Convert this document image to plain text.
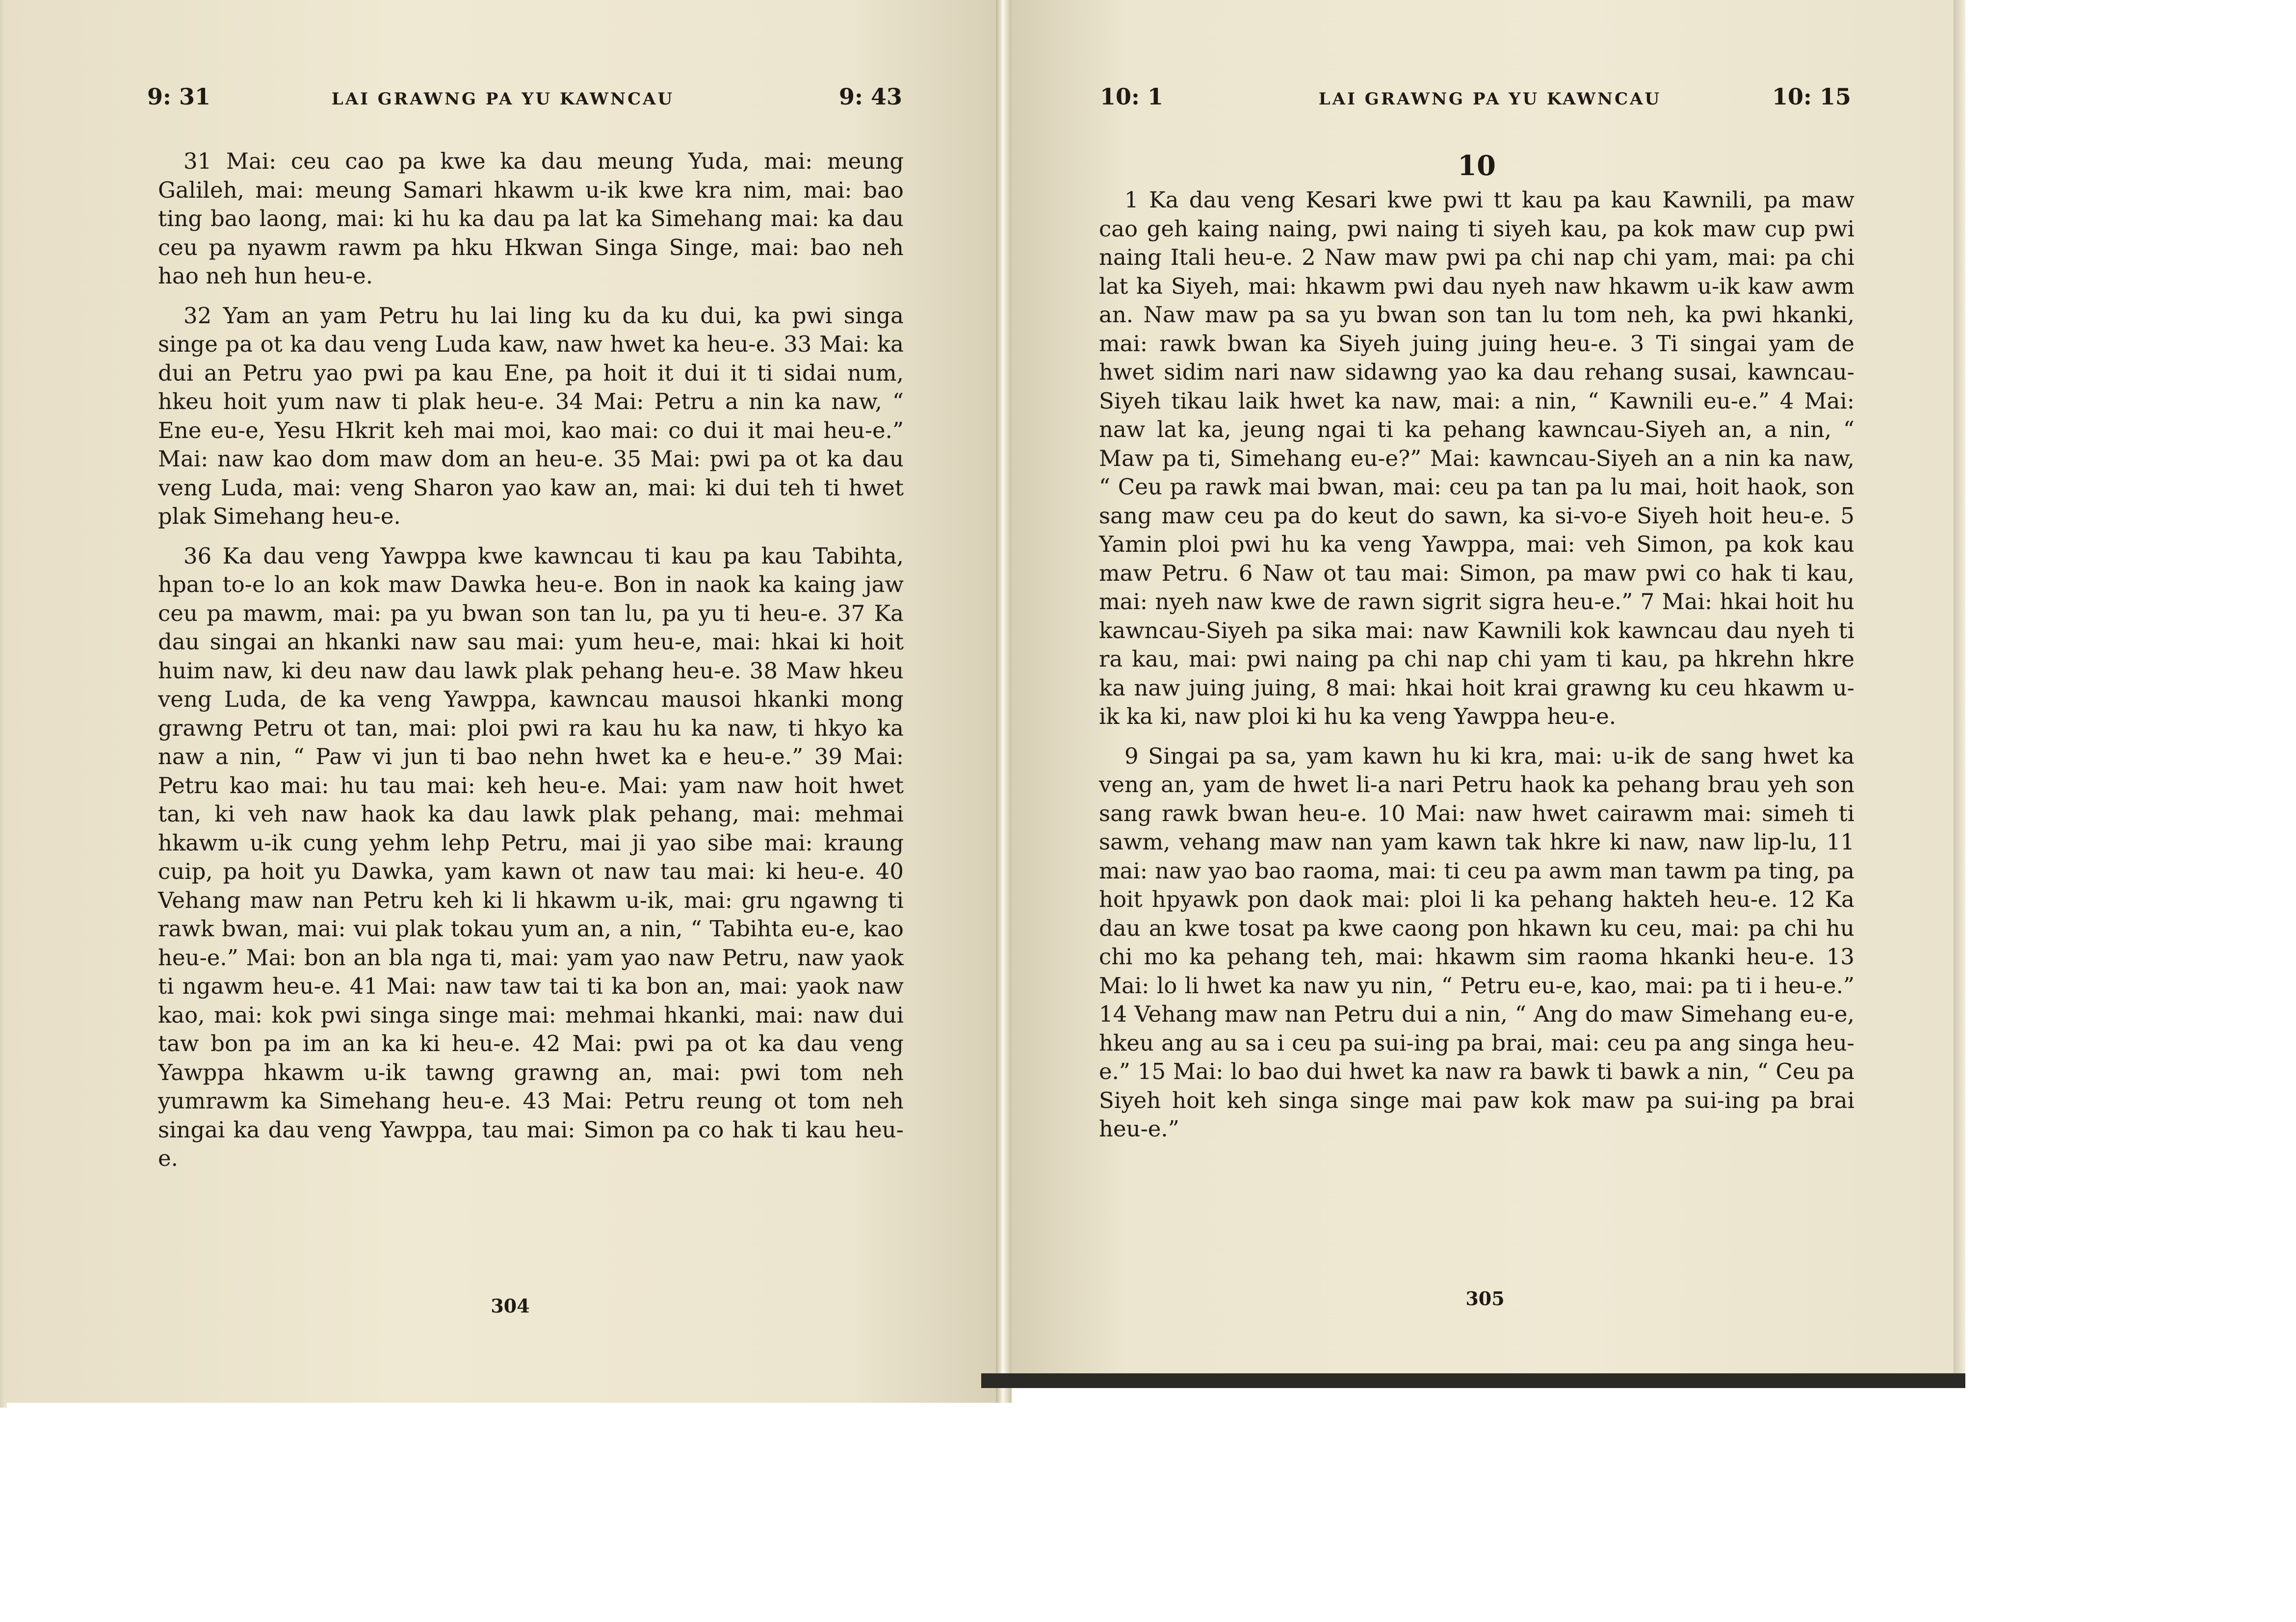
9: 31	LAI GRAWNG PA YU KAWNCAU	9: 43

31 Mai: ceu cao pa kwe ka dau meung Yuda, mai: meung Galileh, mai: meung Samari hkawm u-ik kwe kra nim, mai: bao ting bao laong, mai: ki hu ka dau pa lat ka Simehang mai: ka dau ceu pa nyawm rawm pa hku Hkwan Singa Singe, mai: bao neh hao neh hun heu-e.

32 Yam an yam Petru hu lai ling ku da ku dui, ka pwi singa singe pa ot ka dau veng Luda kaw, naw hwet ka heu-e. 33 Mai: ka dui an Petru yao pwi pa kau Ene, pa hoit it dui it ti sidai num, hkeu hoit yum naw ti plak heu-e. 34 Mai: Petru a nin ka naw, “ Ene eu-e, Yesu Hkrit keh mai moi, kao mai: co dui it mai heu-e.” Mai: naw kao dom maw dom an heu-e. 35 Mai: pwi pa ot ka dau veng Luda, mai: veng Sharon yao kaw an, mai: ki dui teh ti hwet plak Simehang heu-e.

36 Ka dau veng Yawppa kwe kawncau ti kau pa kau Tabihta, hpan to-e lo an kok maw Dawka heu-e. Bon in naok ka kaing jaw ceu pa mawm, mai: pa yu bwan son tan lu, pa yu ti heu-e. 37 Ka dau singai an hkanki naw sau mai: yum heu-e, mai: hkai ki hoit huim naw, ki deu naw dau lawk plak pehang heu-e. 38 Maw hkeu veng Luda, de ka veng Yawppa, kawncau mausoi hkanki mong grawng Petru ot tan, mai: ploi pwi ra kau hu ka naw, ti hkyo ka naw a nin, “ Paw vi jun ti bao nehn hwet ka e heu-e.” 39 Mai: Petru kao mai: hu tau mai: keh heu-e. Mai: yam naw hoit hwet tan, ki veh naw haok ka dau lawk plak pehang, mai: mehmai hkawm u-ik cung yehm lehp Petru, mai ji yao sibe mai: kraung cuip, pa hoit yu Dawka, yam kawn ot naw tau mai: ki heu-e. 40 Vehang maw nan Petru keh ki li hkawm u-ik, mai: gru ngawng ti rawk bwan, mai: vui plak tokau yum an, a nin, “ Tabihta eu-e, kao heu-e.” Mai: bon an bla nga ti, mai: yam yao naw Petru, naw yaok ti ngawm heu-e. 41 Mai: naw taw tai ti ka bon an, mai: yaok naw kao, mai: kok pwi singa singe mai: mehmai hkanki, mai: naw dui taw bon pa im an ka ki heu-e. 42 Mai: pwi pa ot ka dau veng Yawppa hkawm u-ik tawng grawng an, mai: pwi tom neh yumrawm ka Simehang heu-e. 43 Mai: Petru reung ot tom neh singai ka dau veng Yawppa, tau mai: Simon pa co hak ti kau heu-e.

304
10: 1	LAI GRAWNG PA YU KAWNCAU	10: 15
10

1 Ka dau veng Kesari kwe pwi tt kau pa kau Kawnili, pa maw cao geh kaing naing, pwi naing ti siyeh kau, pa kok maw cup pwi naing Itali heu-e. 2 Naw maw pwi pa chi nap chi yam, mai: pa chi lat ka Siyeh, mai: hkawm pwi dau nyeh naw hkawm u-ik kaw awm an. Naw maw pa sa yu bwan son tan lu tom neh, ka pwi hkanki, mai: rawk bwan ka Siyeh juing juing heu-e. 3 Ti singai yam de hwet sidim nari naw sidawng yao ka dau rehang susai, kawncau-Siyeh tikau laik hwet ka naw, mai: a nin, “ Kawnili eu-e.” 4 Mai: naw lat ka, jeung ngai ti ka pehang kawncau-Siyeh an, a nin, “ Maw pa ti, Simehang eu-e?” Mai: kawncau-Siyeh an a nin ka naw, “ Ceu pa rawk mai bwan, mai: ceu pa tan pa lu mai, hoit haok, son sang maw ceu pa do keut do sawn, ka si-vo-e Siyeh hoit heu-e. 5 Yamin ploi pwi hu ka veng Yawppa, mai: veh Simon, pa kok kau maw Petru. 6 Naw ot tau mai: Simon, pa maw pwi co hak ti kau, mai: nyeh naw kwe de rawn sigrit sigra heu-e.” 7 Mai: hkai hoit hu kawncau-Siyeh pa sika mai: naw Kawnili kok kawncau dau nyeh ti ra kau, mai: pwi naing pa chi nap chi yam ti kau, pa hkrehn hkre ka naw juing juing, 8 mai: hkai hoit krai grawng ku ceu hkawm u-ik ka ki, naw ploi ki hu ka veng Yawppa heu-e.

9 Singai pa sa, yam kawn hu ki kra, mai: u-ik de sang hwet ka veng an, yam de hwet li-a nari Petru haok ka pehang brau yeh son sang rawk bwan heu-e. 10 Mai: naw hwet cairawm mai: simeh ti sawm, vehang maw nan yam kawn tak hkre ki naw, naw lip-lu, 11 mai: naw yao bao raoma, mai: ti ceu pa awm man tawm pa ting, pa hoit hpyawk pon daok mai: ploi li ka pehang hakteh heu-e. 12 Ka dau an kwe tosat pa kwe caong pon hkawn ku ceu, mai: pa chi hu chi mo ka pehang teh, mai: hkawm sim raoma hkanki heu-e. 13 Mai: lo li hwet ka naw yu nin, “ Petru eu-e, kao, mai: pa ti i heu-e.” 14 Vehang maw nan Petru dui a nin, “ Ang do maw Simehang eu-e, hkeu ang au sa i ceu pa sui-ing pa brai, mai: ceu pa ang singa heu-e.” 15 Mai: lo bao dui hwet ka naw ra bawk ti bawk a nin, “ Ceu pa Siyeh hoit keh singa singe mai paw kok maw pa sui-ing pa brai heu-e.”

305
